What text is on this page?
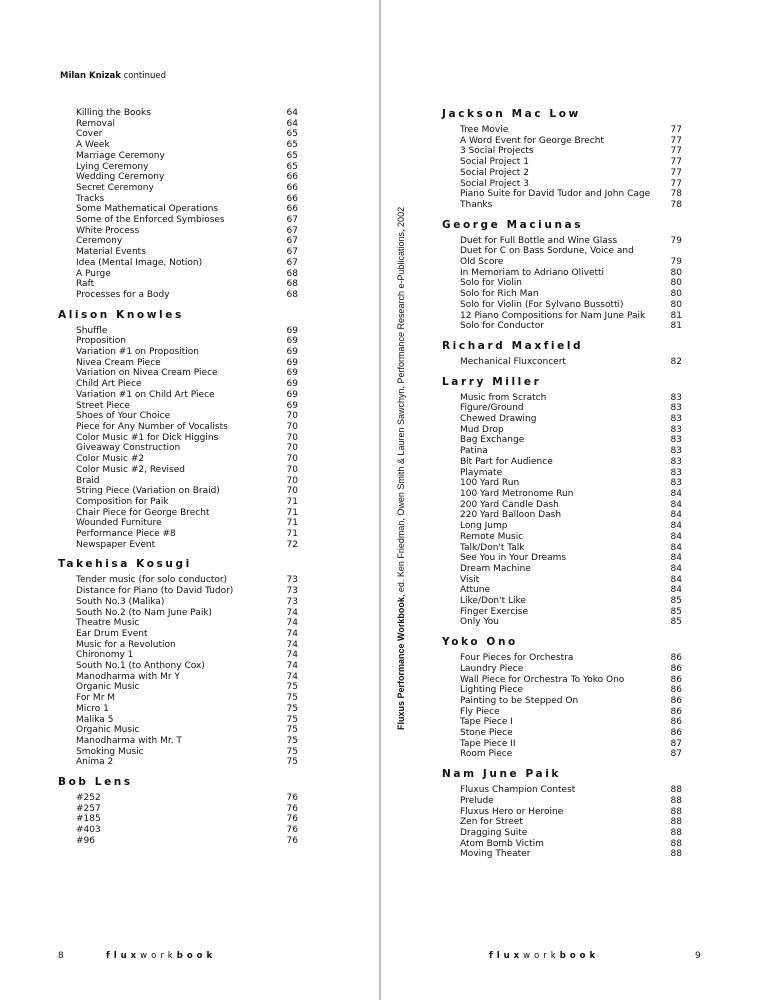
Milan Knizak continued
Killing the Books	64
Removal	64
Cover	65
A Week	65
Marriage Ceremony	65
Lying Ceremony	65
Wedding Ceremony	66
Secret Ceremony	66
Tracks	66
Some Mathematical Operations	66
Some of the Enforced Symbioses	67
White Process	67
Ceremony	67
Material Events	67
Idea (Mental Image, Notion)	67
A Purge	68
Raft	68
Processes for a Body	68
Alison Knowles
Shuffle	69
Proposition	69
Variation #1 on Proposition	69
Nivea Cream Piece	69
Variation on Nivea Cream Piece	69
Child Art Piece	69
Variation #1 on Child Art Piece	69
Street Piece	69
Shoes of Your Choice	70
Piece for Any Number of Vocalists	70
Color Music #1 for Dick Higgins	70
Giveaway Construction	70
Color Music #2	70
Color Music #2, Revised	70
Braid	70
String Piece (Variation on Braid)	70
Composition for Paik	71
Chair Piece for George Brecht	71
Wounded Furniture	71
Performance Piece #8	71
Newspaper Event	72
Takehisa Kosugi
Tender music (for solo conductor)	73
Distance for Piano (to David Tudor)	73
South No.3 (Malika)	73
South No.2 (to Nam June Paik)	74
Theatre Music	74
Ear Drum Event	74
Music for a Revolution	74
Chironomy 1	74
South No.1 (to Anthony Cox)	74
Manodharma with Mr Y	74
Organic Music	75
For Mr M	75
Micro 1	75
Malika 5	75
Organic Music	75
Manodharma with Mr. T	75
Smoking Music	75
Anima 2	75
Bob Lens
#252	76
#257	76
#185	76
#403	76
#96	76
8	fluxworkbook
Jackson Mac Low
Tree Movie	77
A Word Event for George Brecht	77
3 Social Projects	77
Social Project 1	77
Social Project 2	77
Social Project 3	77
Piano Suite for David Tudor and John Cage	78
Thanks	78
George Maciunas
Duet for Full Bottle and Wine Glass	79
Duet for C on Bass Sordune, Voice and
Old Score	79
In Memoriam to Adriano Olivetti	80
Solo for Violin	80
Solo for Rich Man	80
Solo for Violin (For Sylvano Bussotti)	80
12 Piano Compositions for Nam June Paik	81
Solo for Conductor	81
Richard Maxfield
Mechanical Fluxconcert	82
Larry Miller
Music from Scratch	83
Figure/Ground	83
Chewed Drawing	83
Mud Drop	83
Bag Exchange	83
Patina	83
Bit Part for Audience	83
Playmate	83
100 Yard Run	83
100 Yard Metronome Run	84
200 Yard Candle Dash	84
220 Yard Balloon Dash	84
Long Jump	84
Remote Music	84
Talk/Don't Talk	84
See You in Your Dreams	84
Dream Machine	84
Visit	84
Attune	84
Like/Don't Like	85
Finger Exercise	85
Only You	85
Yoko Ono
Four Pieces for Orchestra	86
Laundry Piece	86
Wall Piece for Orchestra To Yoko Ono	86
Lighting Piece	86
Painting to be Stepped On	86
Fly Piece	86
Tape Piece I	86
Stone Piece	86
Tape Piece II	87
Room Piece	87
Nam June Paik
Fluxus Champion Contest	88
Prelude	88
Fluxus Hero or Heroine	88
Zen for Street	88
Dragging Suite	88
Atom Bomb Victim	88
Moving Theater	88
fluxworkbook	9
Fluxus Performance Workbook, ed. Ken Friedman, Owen Smith & Lauren Sawchyn, Performance Research e-Publications, 2002
